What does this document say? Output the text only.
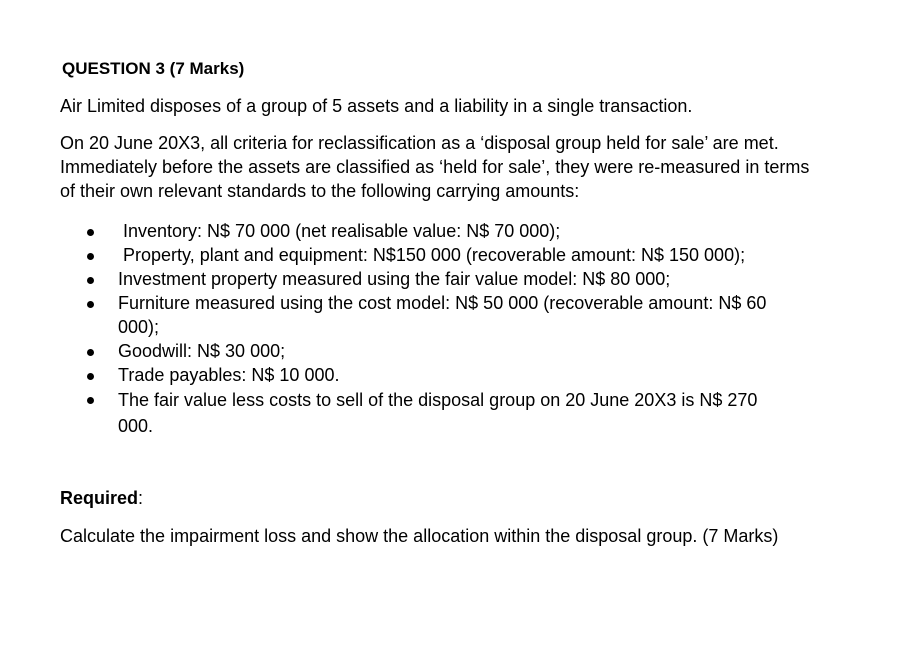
QUESTION 3 (7 Marks)

Air Limited disposes of a group of 5 assets and a liability in a single transaction.

On 20 June 20X3, all criteria for reclassification as a ‘disposal group held for sale’ are met. Immediately before the assets are classified as ‘held for sale’, they were re-measured in terms of their own relevant standards to the following carrying amounts:

Inventory: N$ 70 000 (net realisable value: N$ 70 000);
Property, plant and equipment: N$150 000 (recoverable amount: N$ 150 000);
Investment property measured using the fair value model: N$ 80 000;
Furniture measured using the cost model: N$ 50 000 (recoverable amount: N$ 60 000);
Goodwill: N$ 30 000;
Trade payables: N$ 10 000.
The fair value less costs to sell of the disposal group on 20 June 20X3 is N$ 270 000.
Required:

Calculate the impairment loss and show the allocation within the disposal group. (7 Marks)
